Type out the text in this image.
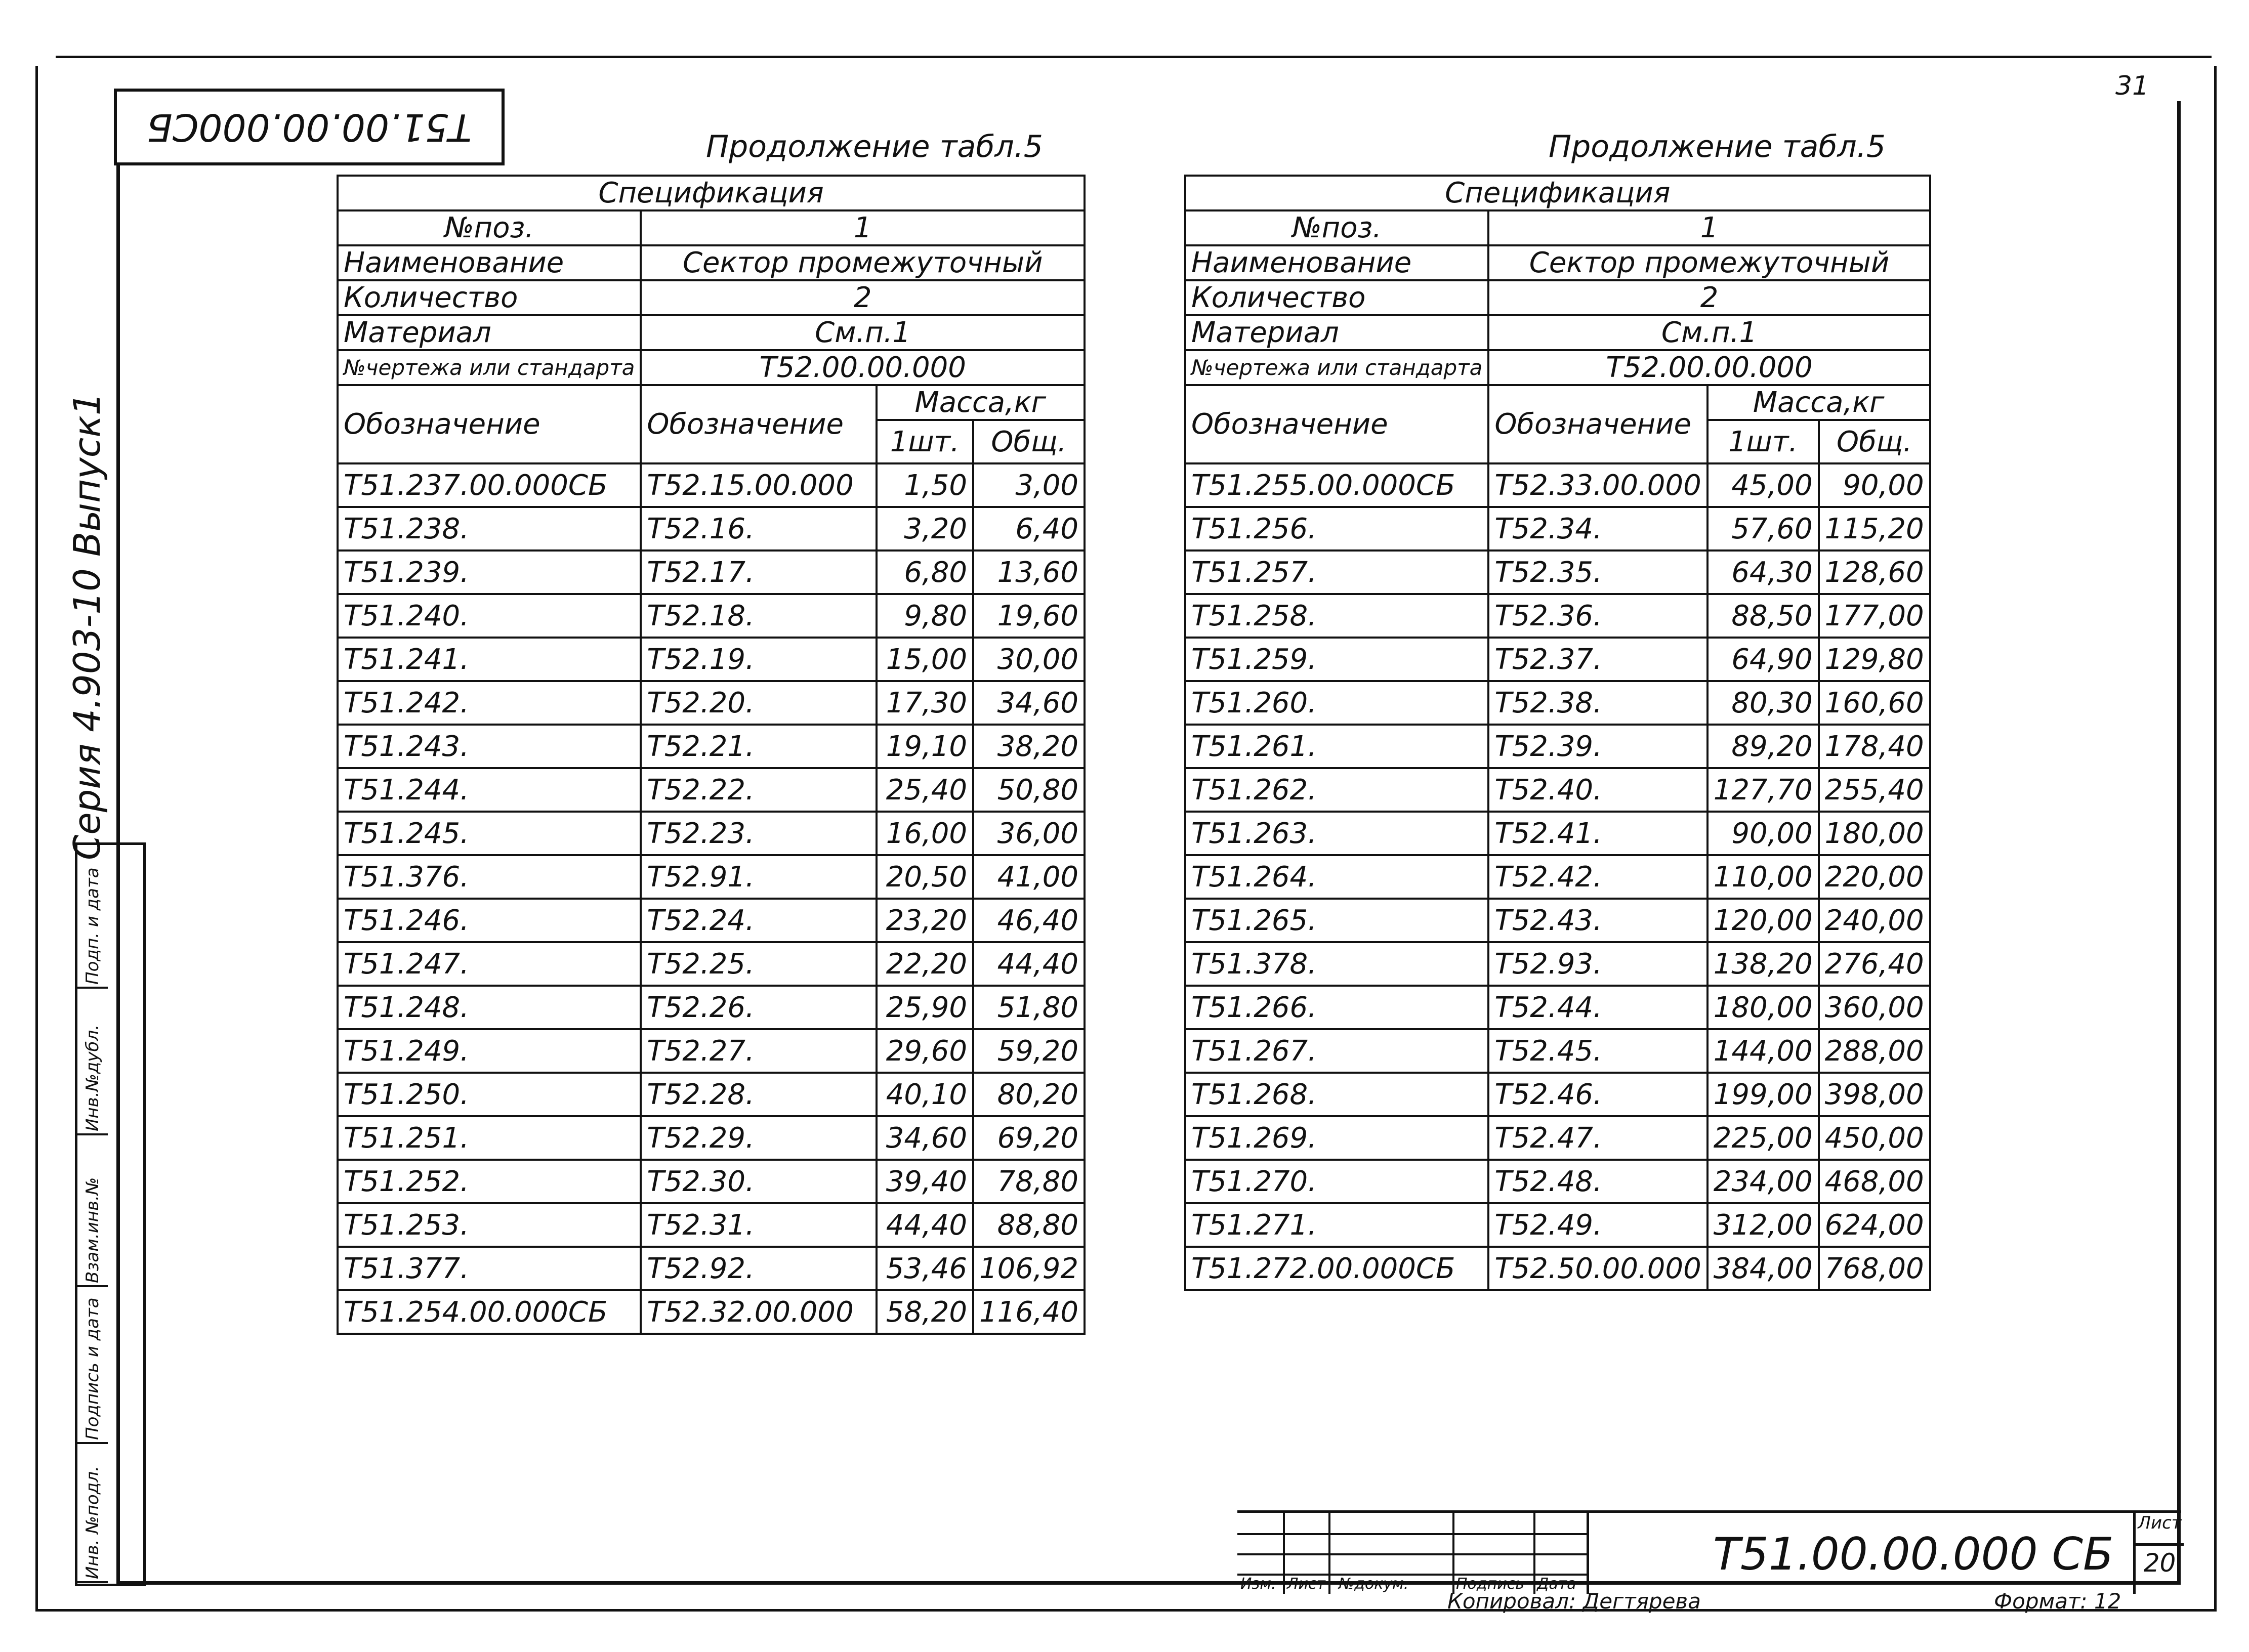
Т51.00.00.000СБ
31
Серия 4.903-10 Выпуск1
Инв. №подл.
Подпись и дата
Взам.инв.№
Инв.№дубл.
Подп. и дата
Продолжение табл.5
Спецификация			
№поз.	1		
Наименование	Сектор промежуточный		
Количество	2		
Материал	См.п.1		
№чертежа или стандарта	Т52.00.00.000		
Обозначение	Обозначение	Масса,кг	
		1шт.	Общ.
Т51.237.00.000СБ	Т52.15.00.000	1,50	3,00
Т51.238.	Т52.16.	3,20	6,40
Т51.239.	Т52.17.	6,80	13,60
Т51.240.	Т52.18.	9,80	19,60
Т51.241.	Т52.19.	15,00	30,00
Т51.242.	Т52.20.	17,30	34,60
Т51.243.	Т52.21.	19,10	38,20
Т51.244.	Т52.22.	25,40	50,80
Т51.245.	Т52.23.	16,00	36,00
Т51.376.	Т52.91.	20,50	41,00
Т51.246.	Т52.24.	23,20	46,40
Т51.247.	Т52.25.	22,20	44,40
Т51.248.	Т52.26.	25,90	51,80
Т51.249.	Т52.27.	29,60	59,20
Т51.250.	Т52.28.	40,10	80,20
Т51.251.	Т52.29.	34,60	69,20
Т51.252.	Т52.30.	39,40	78,80
Т51.253.	Т52.31.	44,40	88,80
Т51.377.	Т52.92.	53,46	106,92
Т51.254.00.000СБ	Т52.32.00.000	58,20	116,40
Продолжение табл.5
Спецификация			
№поз.	1		
Наименование	Сектор промежуточный		
Количество	2		
Материал	См.п.1		
№чертежа или стандарта	Т52.00.00.000		
Обозначение	Обозначение	Масса,кг	
		1шт.	Общ.
Т51.255.00.000СБ	Т52.33.00.000	45,00	90,00
Т51.256.	Т52.34.	57,60	115,20
Т51.257.	Т52.35.	64,30	128,60
Т51.258.	Т52.36.	88,50	177,00
Т51.259.	Т52.37.	64,90	129,80
Т51.260.	Т52.38.	80,30	160,60
Т51.261.	Т52.39.	89,20	178,40
Т51.262.	Т52.40.	127,70	255,40
Т51.263.	Т52.41.	90,00	180,00
Т51.264.	Т52.42.	110,00	220,00
Т51.265.	Т52.43.	120,00	240,00
Т51.378.	Т52.93.	138,20	276,40
Т51.266.	Т52.44.	180,00	360,00
Т51.267.	Т52.45.	144,00	288,00
Т51.268.	Т52.46.	199,00	398,00
Т51.269.	Т52.47.	225,00	450,00
Т51.270.	Т52.48.	234,00	468,00
Т51.271.	Т52.49.	312,00	624,00
Т51.272.00.000СБ	Т52.50.00.000	384,00	768,00
Изм. Лист №докум.	Подпись Дата
Т51.00.00.000 СБ
Лист
20
Копировал: Дегтярева	Формат: 12
